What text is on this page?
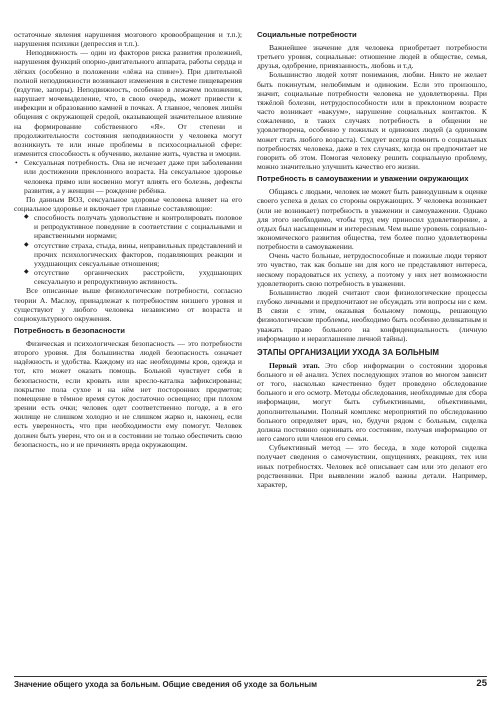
остаточные явления нарушения мозгового кровообращения и т.п.); нарушения психики (депрессия и т.п.).

Неподвижность — один из факторов риска развития пролежней, нарушения функций опорно-двигательного аппарата, работы сердца и лёгких (особенно в положении «лёжа на спине»). При длительной полной неподвижности возникают изменения в системе пищеварения (вздутие, запоры). Неподвижность, особенно в лежачем положении, нарушает мочевыделение, что, в свою очередь, может привести к инфекции и образованию камней в почках. А главное, человек лишён общения с окружающей средой, оказывающей значительное влияние на формирование собственного «Я». От степени и продолжительности состояния неподвижности у человека могут возникнуть те или иные проблемы в психосоциальной сфере: изменится способность к обучению, желание жить, чувства и эмоции.

• Сексуальная потребность. Она не исчезает даже при заболевании или достижении преклонного возраста. На сексуальное здоровье человека прямо или косвенно могут влиять его болезнь, дефекты развития, а у женщин — рождение ребёнка.

По данным ВОЗ, сексуальное здоровье человека влияет на его социальное здоровье и включает три главные составляющие:

◆ способность получать удовольствие и контролировать половое и репродуктивное поведение в соответствии с социальными и нравственными нормами;
◆ отсутствие страха, стыда, вины, неправильных представлений и прочих психологических факторов, подавляющих реакции и ухудшающих сексуальные отношения;
◆ отсутствие органических расстройств, ухудшающих сексуальную и репродуктивную активность.

Все описанные выше физиологические потребности, согласно теории А. Маслоу, принадлежат к потребностям низшего уровня и существуют у любого человека независимо от возраста и социокультурного окружения.

Потребность в безопасности

Физическая и психологическая безопасность — это потребности второго уровня. Для большинства людей безопасность означает надёжность и удобства. Каждому из нас необходимы кров, одежда и тот, кто может оказать помощь. Больной чувствует себя в безопасности, если кровать или кресло-каталка зафиксированы; покрытие пола сухое и на нём нет посторонних предметов; помещение в тёмное время суток достаточно освещено; при плохом зрении есть очки; человек одет соответственно погоде, а в его жилище не слишком холодно и не слишком жарко и, наконец, если есть уверенность, что при необходимости ему помогут. Человек должен быть уверен, что он и в состоянии не только обеспечить свою безопасность, но и не причинять вреда окружающим.

Социальные потребности

Важнейшее значение для человека приобретает потребности третьего уровня, социальные: отношение людей в обществе, семья, друзья, одобрение, привязанность, любовь и т.д.

Большинство людей хотят понимания, любви. Никто не желает быть покинутым, нелюбимым и одиноким. Если это произошло, значит, социальные потребности человека не удовлетворены. При тяжёлой болезни, нетрудоспособности или в преклонном возрасте часто возникает «вакуум», нарушение социальных контактов. К сожалению, в таких случаях потребность в общении не удовлетворена, особенно у пожилых и одиноких людей (а одиноким может стать любого возраста). Следует всегда помнить о социальных потребностях человека, даже в тех случаях, когда он предпочитает не говорить об этом. Помогая человеку решить социальную проблему, можно значительно улучшить качество его жизни.

Потребность в самоуважении и уважении окружающих

Общаясь с людьми, человек не может быть равнодушным к оценке своего успеха в делах со стороны окружающих. У человека возникает (или не возникает) потребность в уважении и самоуважении. Однако для этого необходимо, чтобы труд ему приносил удовлетворение, а отдых был насыщенным и интересным. Чем выше уровень социально-экономического развития общества, тем более полно удовлетворены потребности в самоуважении.

Очень часто больные, нетрудоспособные и пожилые люди теряют это чувство, так как больше ни для кого не представляют интереса, нескому порадоваться их успеху, а поэтому у них нет возможности удовлетворить свою потребность в уважении.

Большинство людей считают свои физиологические процессы глубоко личными и предпочитают не обсуждать эти вопросы ни с кем. В связи с этим, оказывая больному помощь, решающую физиологические проблемы, необходимо быть особенно деликатным и уважать право больного на конфиденциальность (личную информацию и неразглашение личной тайны).

ЭТАПЫ ОРГАНИЗАЦИИ УХОДА ЗА БОЛЬНЫМ

Первый этап. Это сбор информации о состоянии здоровья больного и её анализ. Успех последующих этапов во многом зависит от того, насколько качественно будет проведено обследование больного и его осмотр. Методы обследования, необходимые для сбора информации, могут быть субъективными, объективными, дополнительными. Полный комплекс мероприятий по обследованию больного определяет врач, но, будучи рядом с больным, сиделка должна постоянно оценивать его состояние, получая информацию от него самого или членов его семьи.

Субъективный метод — это беседа, в ходе которой сиделка получает сведения о самочувствии, ощущениях, реакциях, тех или иных потребностях. Человек всё описывает сам или это делают его родственники. При выявлении жалоб важны детали. Например, характер,

Значение общего ухода за больным. Общие сведения об уходе за больным	25
